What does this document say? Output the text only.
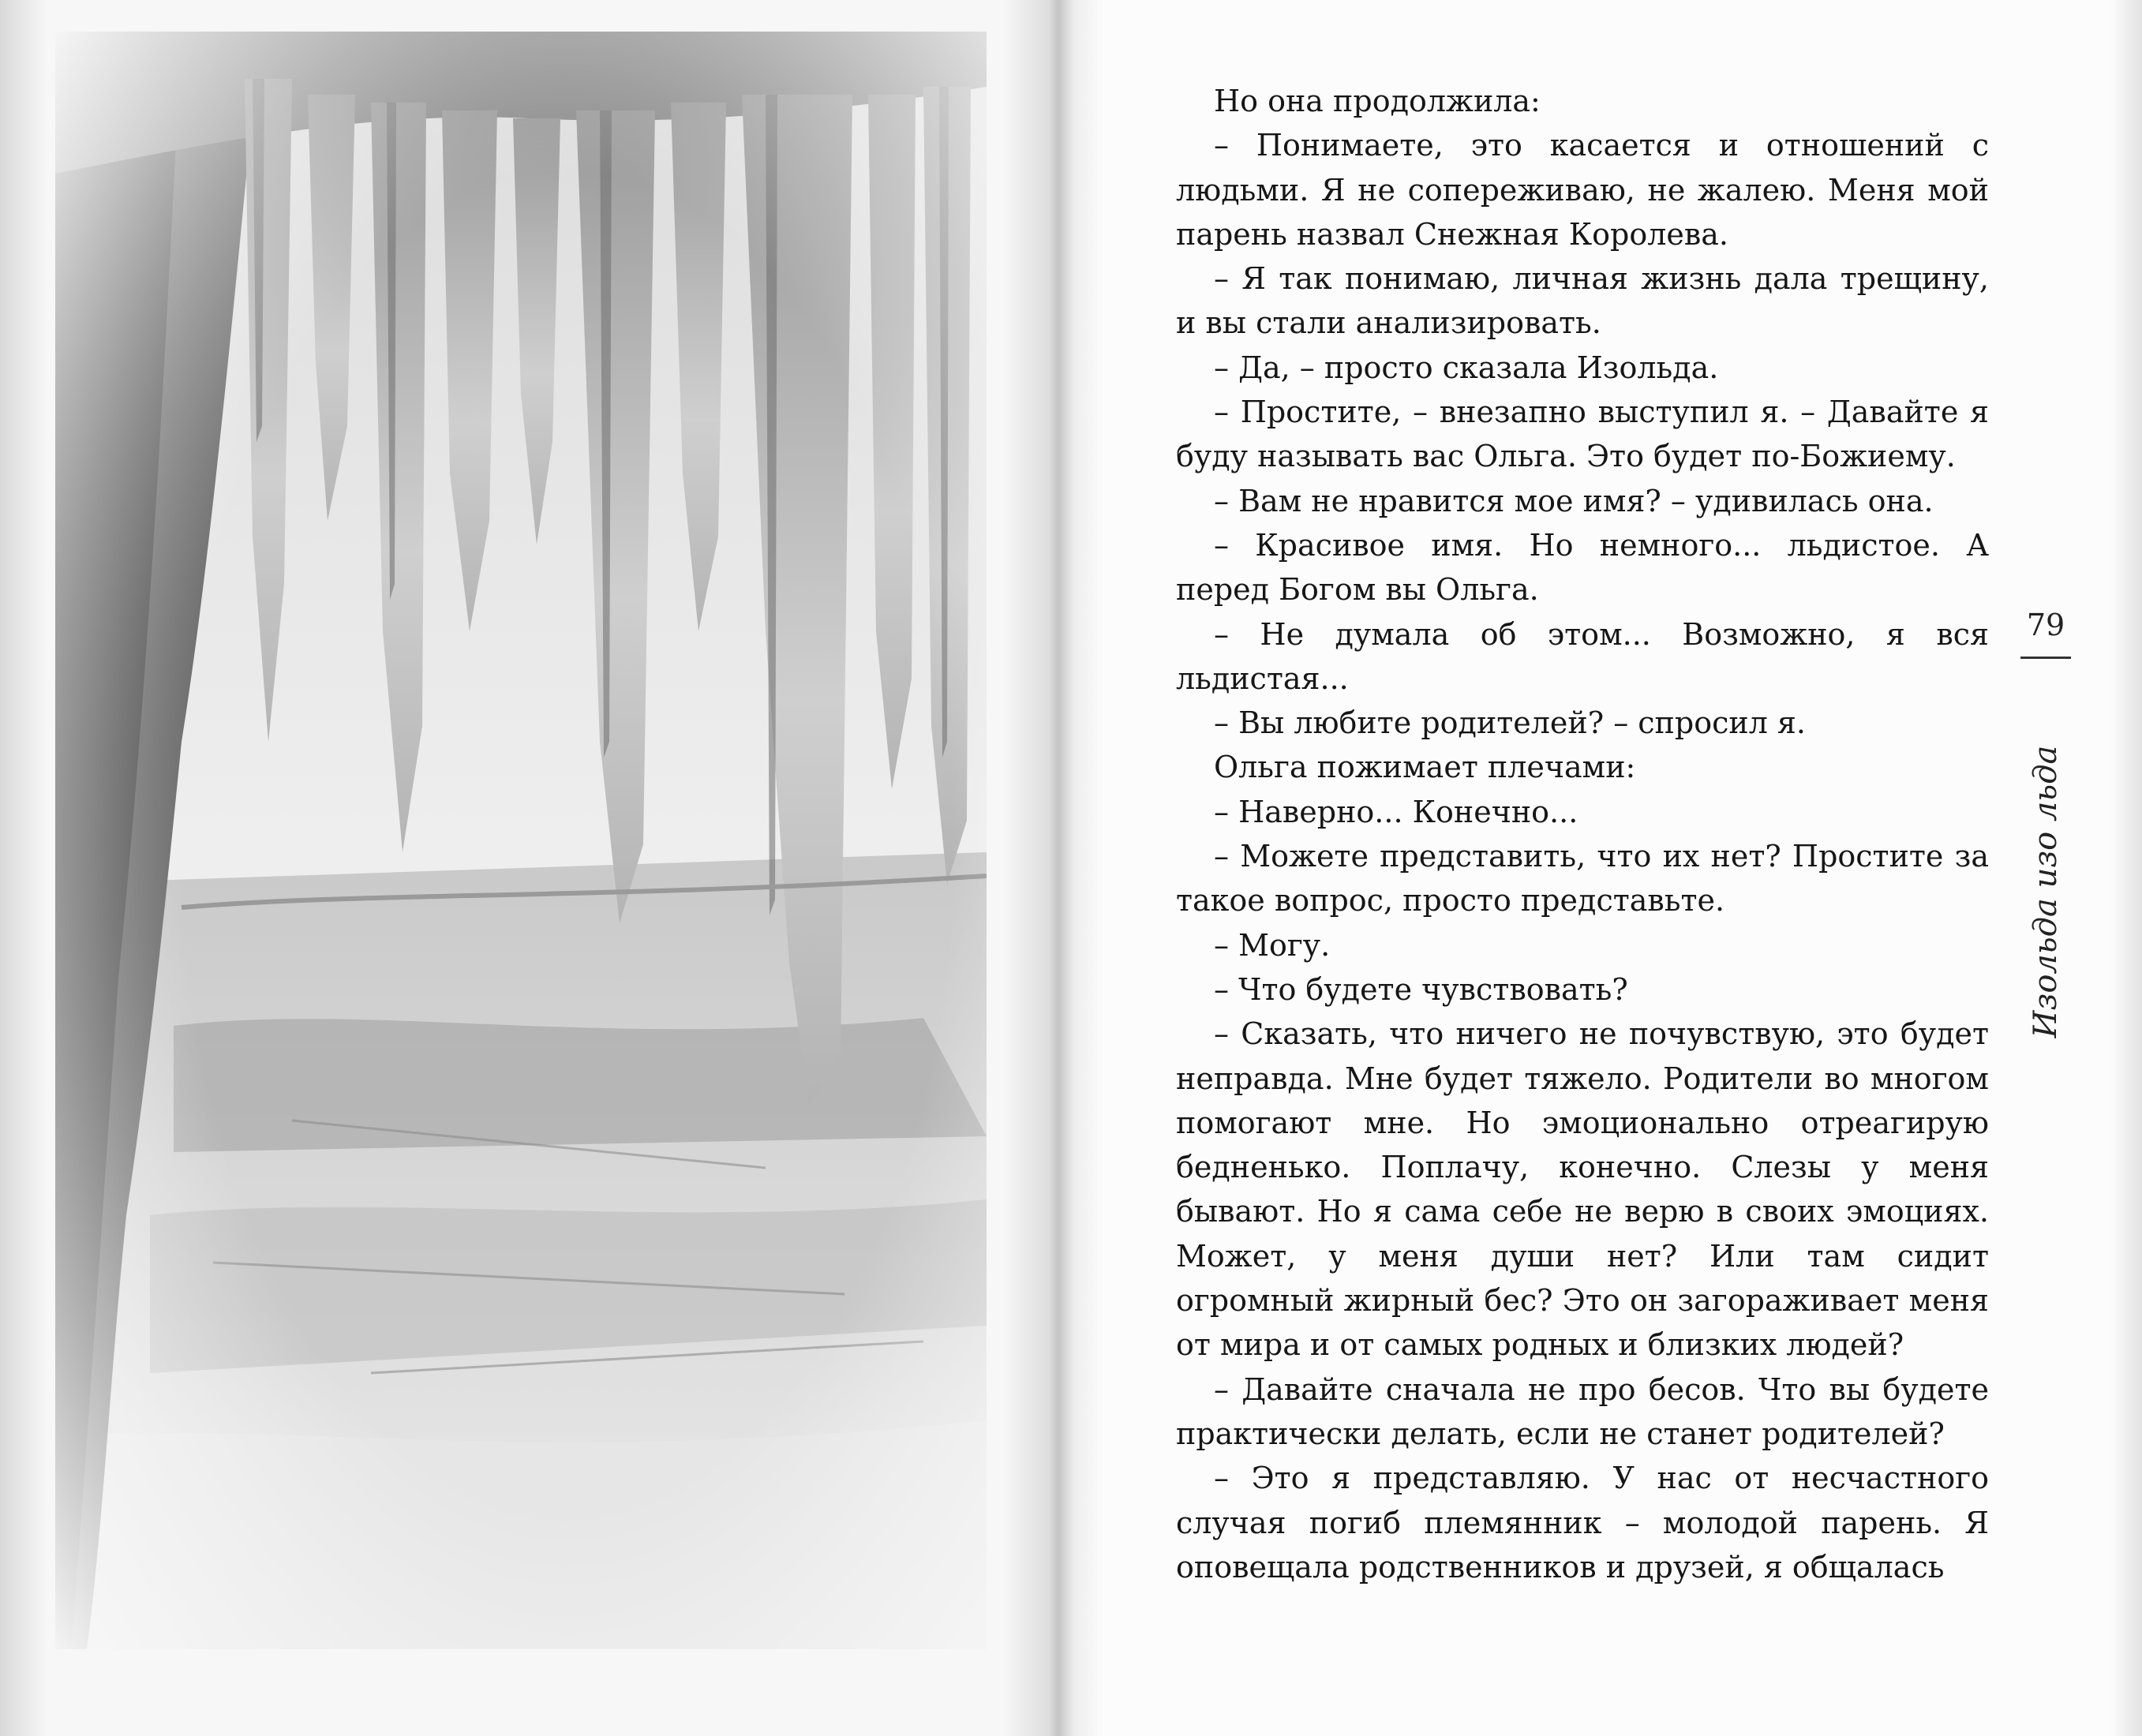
Но она продолжила:

– Понимаете, это касается и отношений с людьми. Я не сопереживаю, не жалею. Меня мой парень назвал Снежная Королева.

– Я так понимаю, личная жизнь дала трещину, и вы стали анализировать.

– Да, – просто сказала Изольда.

– Простите, – внезапно выступил я. – Давайте я буду называть вас Ольга. Это будет по-Божиему.

– Вам не нравится мое имя? – удивилась она.

– Красивое имя. Но немного... льдистое. А перед Богом вы Ольга.

– Не думала об этом... Возможно, я вся льдистая...

– Вы любите родителей? – спросил я.

Ольга пожимает плечами:

– Наверно... Конечно...

– Можете представить, что их нет? Простите за такое вопрос, просто представьте.

– Могу.

– Что будете чувствовать?

– Сказать, что ничего не почувствую, это будет неправда. Мне будет тяжело. Родители во многом помогают мне. Но эмоционально отреагирую бедненько. Поплачу, конечно. Слезы у меня бывают. Но я сама себе не верю в своих эмоциях. Может, у меня души нет? Или там сидит огромный жирный бес? Это он загораживает меня от мира и от самых родных и близких людей?

– Давайте сначала не про бесов. Что вы будете практически делать, если не станет родителей?

– Это я представляю. У нас от несчастного случая погиб племянник – молодой парень. Я оповещала родственников и друзей, я общалась

79
Изольда изо льда
